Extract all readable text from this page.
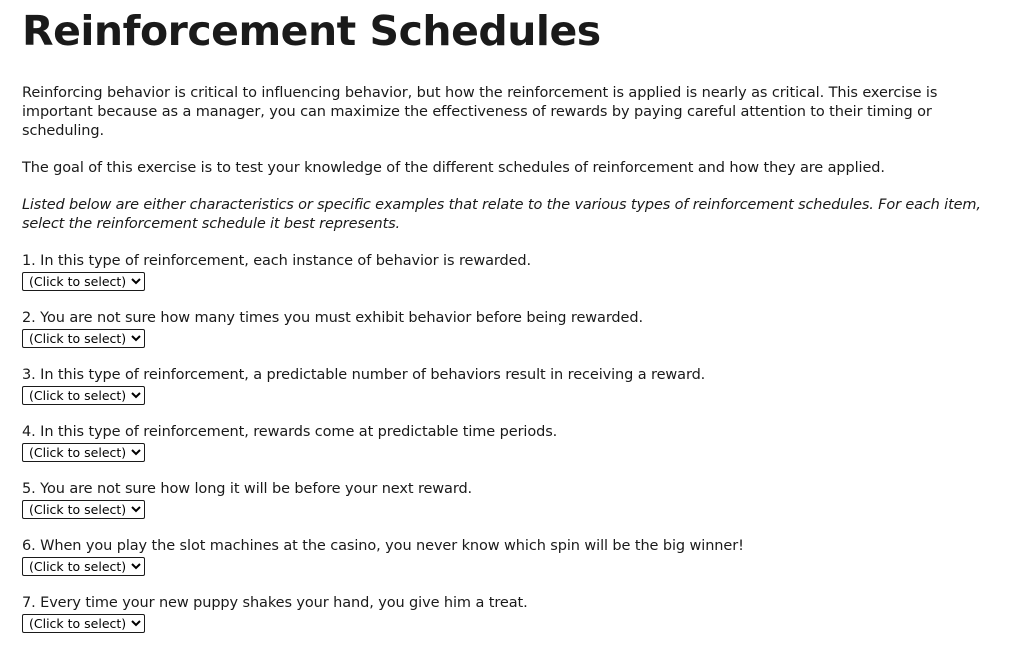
Reinforcement Schedules

Reinforcing behavior is critical to influencing behavior, but how the reinforcement is applied is nearly as critical. This exercise is important because as a manager, you can maximize the effectiveness of rewards by paying careful attention to their timing or scheduling.

The goal of this exercise is to test your knowledge of the different schedules of reinforcement and how they are applied.

Listed below are either characteristics or specific examples that relate to the various types of reinforcement schedules. For each item, select the reinforcement schedule it best represents.

1. In this type of reinforcement, each instance of behavior is rewarded.
(Click to select)
2. You are not sure how many times you must exhibit behavior before being rewarded.
(Click to select)
3. In this type of reinforcement, a predictable number of behaviors result in receiving a reward.
(Click to select)
4. In this type of reinforcement, rewards come at predictable time periods.
(Click to select)
5. You are not sure how long it will be before your next reward.
(Click to select)
6. When you play the slot machines at the casino, you never know which spin will be the big winner!
(Click to select)
7. Every time your new puppy shakes your hand, you give him a treat.
(Click to select)
